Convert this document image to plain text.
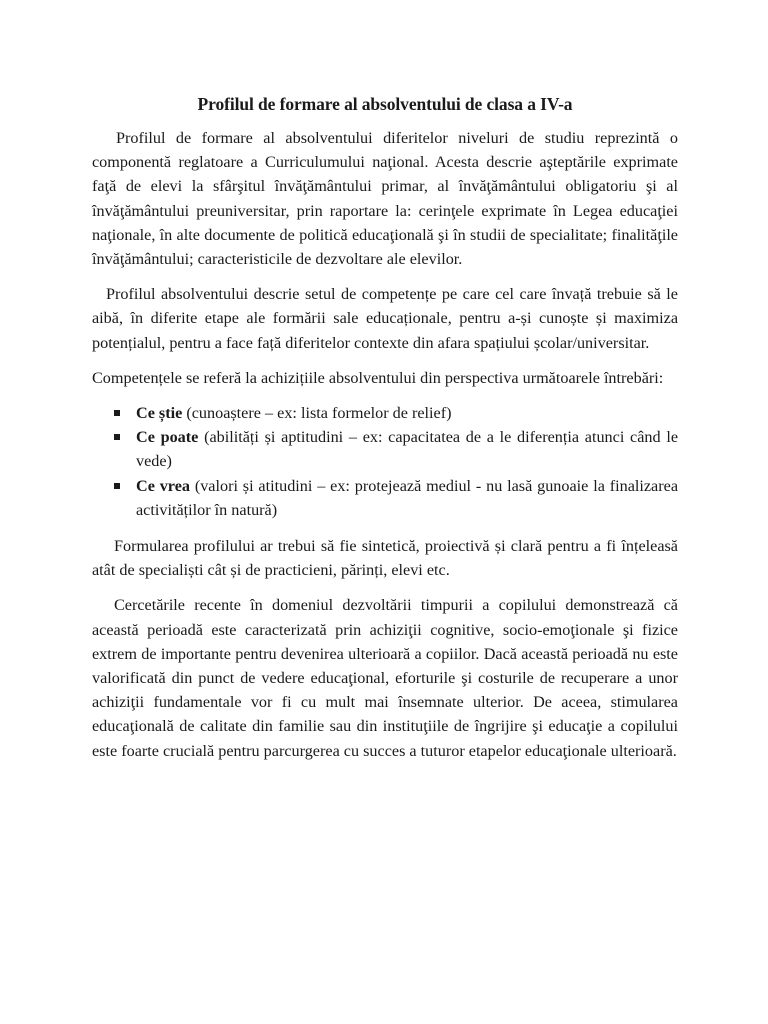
Profilul de formare al absolventului de clasa a IV-a

Profilul de formare al absolventului diferitelor niveluri de studiu reprezintă o componentă reglatoare a Curriculumului naţional. Acesta descrie aşteptările exprimate faţă de elevi la sfârşitul învăţământului primar, al învăţământului obligatoriu şi al învăţământului preuniversitar, prin raportare la: cerinţele exprimate în Legea educaţiei naţionale, în alte documente de politică educaţională şi în studii de specialitate; finalităţile învăţământului; caracteristicile de dezvoltare ale elevilor.

Profilul absolventului descrie setul de competențe pe care cel care învață trebuie să le aibă, în diferite etape ale formării sale educaționale, pentru a-și cunoște și maximiza potențialul, pentru a face față diferitelor contexte din afara spațiului școlar/universitar.

Competențele se referă la achizițiile absolventului din perspectiva următoarele întrebări:

Ce știe (cunoaștere – ex: lista formelor de relief)
Ce poate (abilități și aptitudini – ex: capacitatea de a le diferenția atunci când le vede)
Ce vrea (valori și atitudini – ex: protejează mediul - nu lasă gunoaie la finalizarea activităților în natură)

Formularea profilului ar trebui să fie sintetică, proiectivă și clară pentru a fi înțeleasă atât de specialiști cât și de practicieni, părinți, elevi etc.

Cercetările recente în domeniul dezvoltării timpurii a copilului demonstrează că această perioadă este caracterizată prin achiziţii cognitive, socio-emoţionale şi fizice extrem de importante pentru devenirea ulterioară a copiilor. Dacă această perioadă nu este valorificată din punct de vedere educaţional, eforturile şi costurile de recuperare a unor achiziţii fundamentale vor fi cu mult mai însemnate ulterior. De aceea, stimularea educaţională de calitate din familie sau din instituţiile de îngrijire şi educaţie a copilului este foarte crucială pentru parcurgerea cu succes a tuturor etapelor educaţionale ulterioară.
